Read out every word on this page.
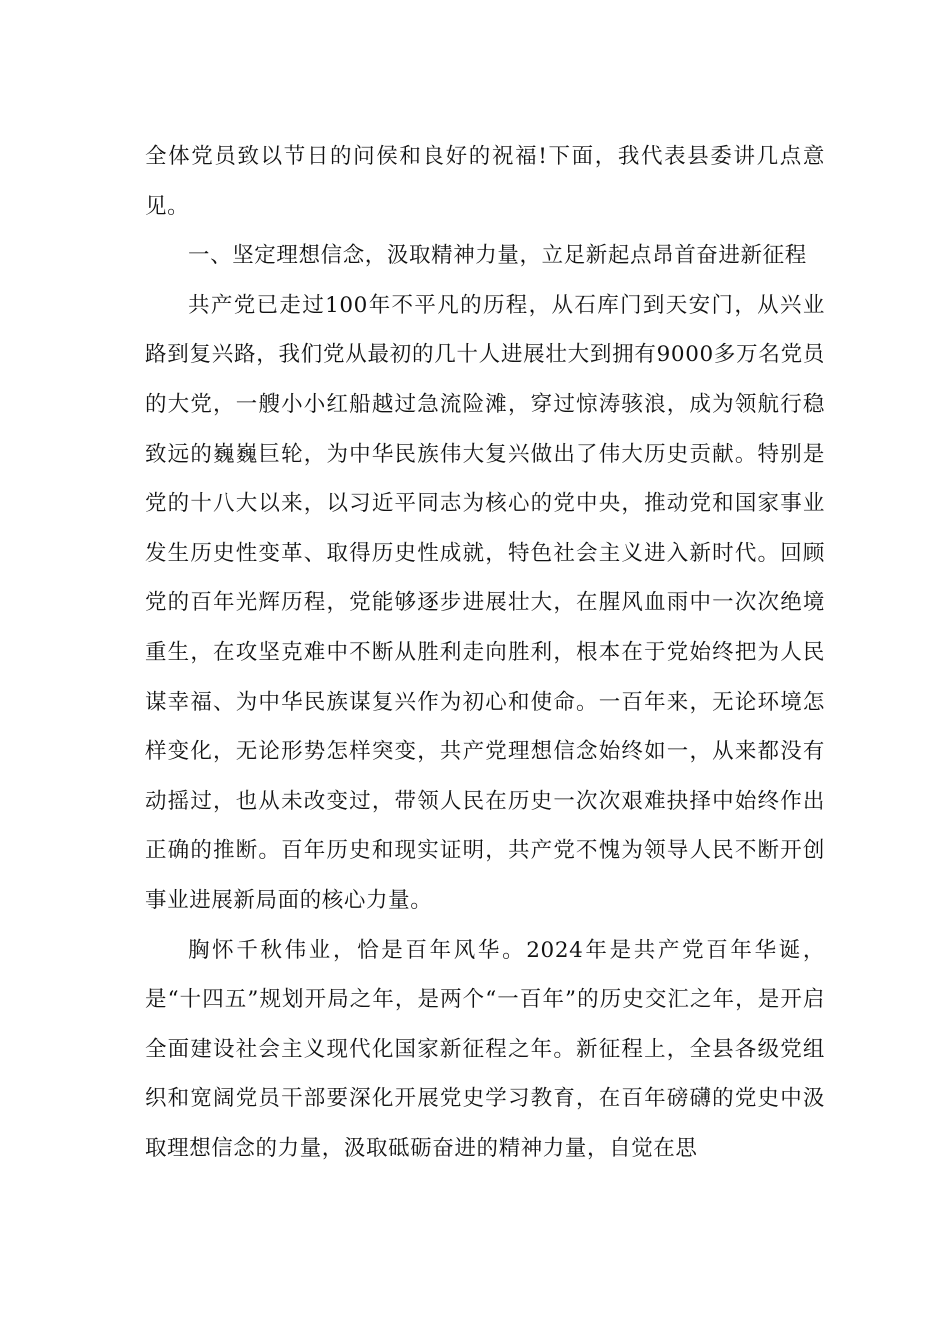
全体党员致以节日的问侯和良好的祝福!下面，我代表县委讲几点意见。

一、坚定理想信念，汲取精神力量，立足新起点昂首奋进新征程

共产党已走过100年不平凡的历程，从石库门到天安门，从兴业路到复兴路，我们党从最初的几十人进展壮大到拥有9000多万名党员的大党，一艘小小红船越过急流险滩，穿过惊涛骇浪，成为领航行稳致远的巍巍巨轮，为中华民族伟大复兴做出了伟大历史贡献。特别是党的十八大以来，以习近平同志为核心的党中央，推动党和国家事业发生历史性变革、取得历史性成就，特色社会主义进入新时代。回顾党的百年光辉历程，党能够逐步进展壮大，在腥风血雨中一次次绝境重生，在攻坚克难中不断从胜利走向胜利，根本在于党始终把为人民谋幸福、为中华民族谋复兴作为初心和使命。一百年来，无论环境怎样变化，无论形势怎样突变，共产党理想信念始终如一，从来都没有动摇过，也从未改变过，带领人民在历史一次次艰难抉择中始终作出正确的推断。百年历史和现实证明，共产党不愧为领导人民不断开创事业进展新局面的核心力量。

胸怀千秋伟业，恰是百年风华。2024年是共产党百年华诞，是“十四五”规划开局之年，是两个“一百年”的历史交汇之年，是开启全面建设社会主义现代化国家新征程之年。新征程上，全县各级党组织和宽阔党员干部要深化开展党史学习教育，在百年磅礴的党史中汲取理想信念的力量，汲取砥砺奋进的精神力量，自觉在思
